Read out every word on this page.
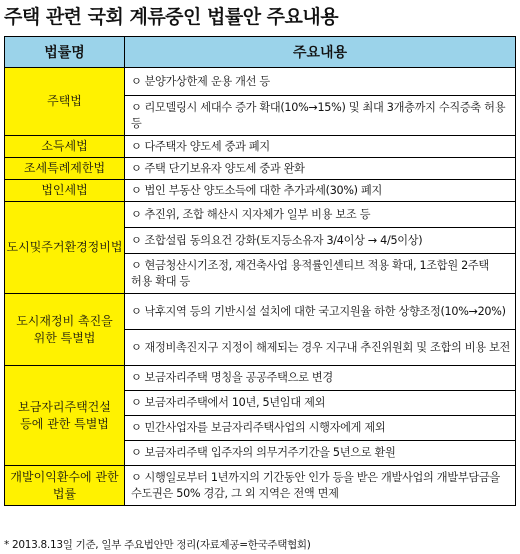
주택 관련 국회 계류중인 법률안 주요내용
법률명	주요내용
주택법	ㅇ 분양가상한제 운용 개선 등
	ㅇ 리모델링시 세대수 증가 확대(10%→15%) 및 최대 3개층까지 수직증축 허용 등
소득세법	ㅇ 다주택자 양도세 중과 폐지
조세특례제한법	ㅇ 주택 단기보유자 양도세 중과 완화
법인세법	ㅇ 법인 부동산 양도소득에 대한 추가과세(30%) 폐지
도시및주거환경정비법	ㅇ 추진위, 조합 해산시 지자체가 일부 비용 보조 등
	ㅇ 조합설립 동의요건 강화(토지등소유자 3/4이상 → 4/5이상)
	ㅇ 현금청산시기조정, 재건축사업 용적률인센티브 적용 확대, 1조합원 2주택 허용 확대 등
도시재정비 촉진을 위한 특별법	ㅇ 낙후지역 등의 기반시설 설치에 대한 국고지원율 하한 상향조정(10%→20%)
	ㅇ 재정비촉진지구 지정이 해제되는 경우 지구내 추진위원회 및 조합의 비용 보전
보금자리주택건설 등에 관한 특별법	ㅇ 보금자리주택 명칭을 공공주택으로 변경
	ㅇ 보금자리주택에서 10년, 5년임대 제외
	ㅇ 민간사업자를 보금자리주택사업의 시행자에게 제외
	ㅇ 보금자리주택 입주자의 의무거주기간을 5년으로 환원
개발이익환수에 관한 법률	ㅇ 시행일로부터 1년까지의 기간동안 인가 등을 받은 개발사업의 개발부담금을 수도권은 50% 경감, 그 외 지역은 전액 면제
* 2013.8.13일 기준, 일부 주요법안만 정리(자료제공=한국주택협회)
